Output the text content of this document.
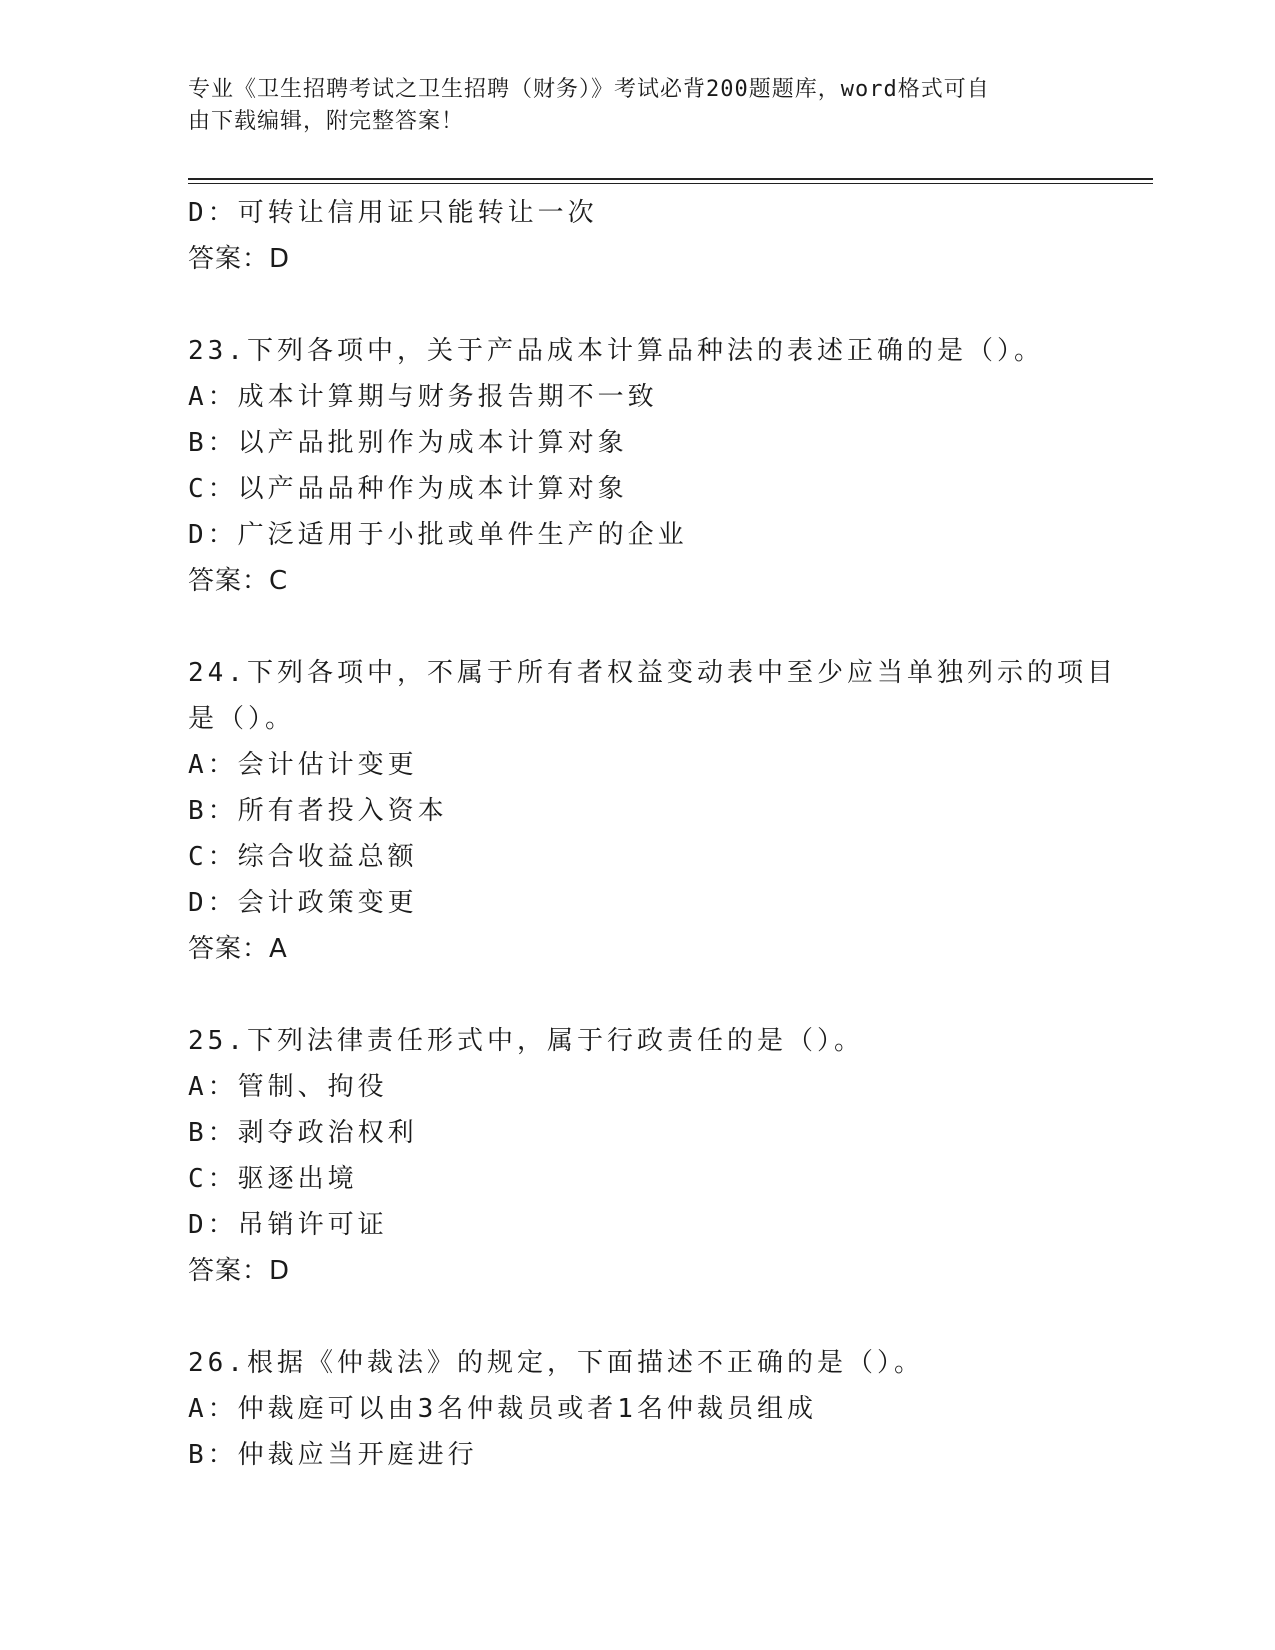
专业《卫生招聘考试之卫生招聘（财务）》考试必背200题题库，word格式可自
由下载编辑，附完整答案！
D：可转让信用证只能转让一次
答案：D
23.下列各项中，关于产品成本计算品种法的表述正确的是（）。
A：成本计算期与财务报告期不一致
B：以产品批别作为成本计算对象
C：以产品品种作为成本计算对象
D：广泛适用于小批或单件生产的企业
答案：C
24.下列各项中，不属于所有者权益变动表中至少应当单独列示的项目
是（）。
A：会计估计变更
B：所有者投入资本
C：综合收益总额
D：会计政策变更
答案：A
25.下列法律责任形式中，属于行政责任的是（）。
A：管制、拘役
B：剥夺政治权利
C：驱逐出境
D：吊销许可证
答案：D
26.根据《仲裁法》的规定，下面描述不正确的是（）。
A：仲裁庭可以由3名仲裁员或者1名仲裁员组成
B：仲裁应当开庭进行
